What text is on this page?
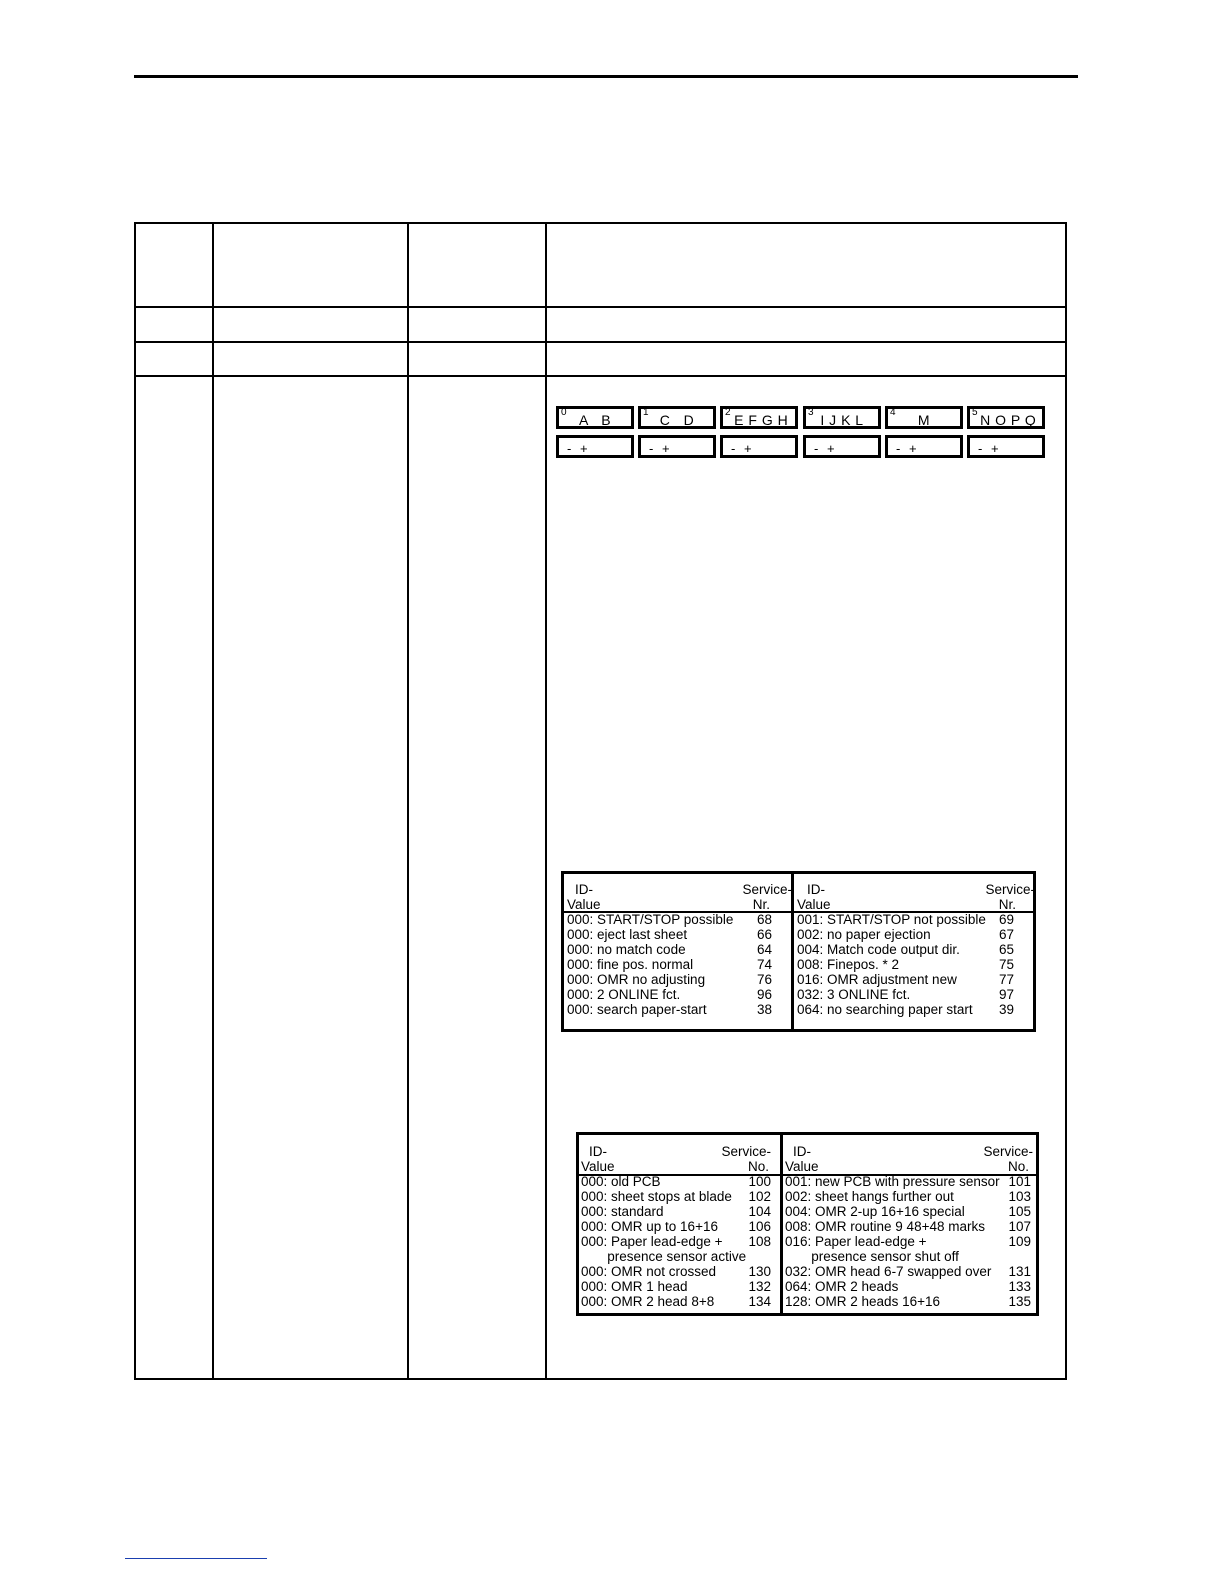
0 A   B
-  +
1 C   D
-  +
2
E F G H
-  +
3 I J K L
-  +
4	M
-  +
5
N O P Q
-  +
ID-
Value
Service-
Nr.
000: START/STOP possible 68
000: eject last sheet	66
000: no match code	64
000: fine pos. normal	74
000: OMR no adjusting	76
000: 2 ONLINE fct.	96
000: search paper-start	38
ID-
Value
Service-
Nr.
001: START/STOP not possible 69
002: no paper ejection	67
004: Match code output dir.	65
008: Finepos. * 2	75
016: OMR adjustment new	77
032: 3 ONLINE fct.	97
064: no searching paper start 39
ID-
Value
Service-
No.
000: old PCB	100
000: sheet stops at blade 102
000: standard	104
000: OMR up to 16+16 106
000: Paper lead-edge + 108
presence sensor active
000: OMR not crossed 130
000: OMR 1 head	132
000: OMR 2 head 8+8	134
ID-
Value
Service-
No.
001: new PCB with pressure sensor 101
002: sheet hangs further out	103
004: OMR 2-up 16+16 special	105
008: OMR routine 9 48+48 marks 107
016: Paper lead-edge +	109
presence sensor shut off
032: OMR head 6-7 swapped over 131
064: OMR 2 heads	133
128: OMR 2 heads 16+16	135
